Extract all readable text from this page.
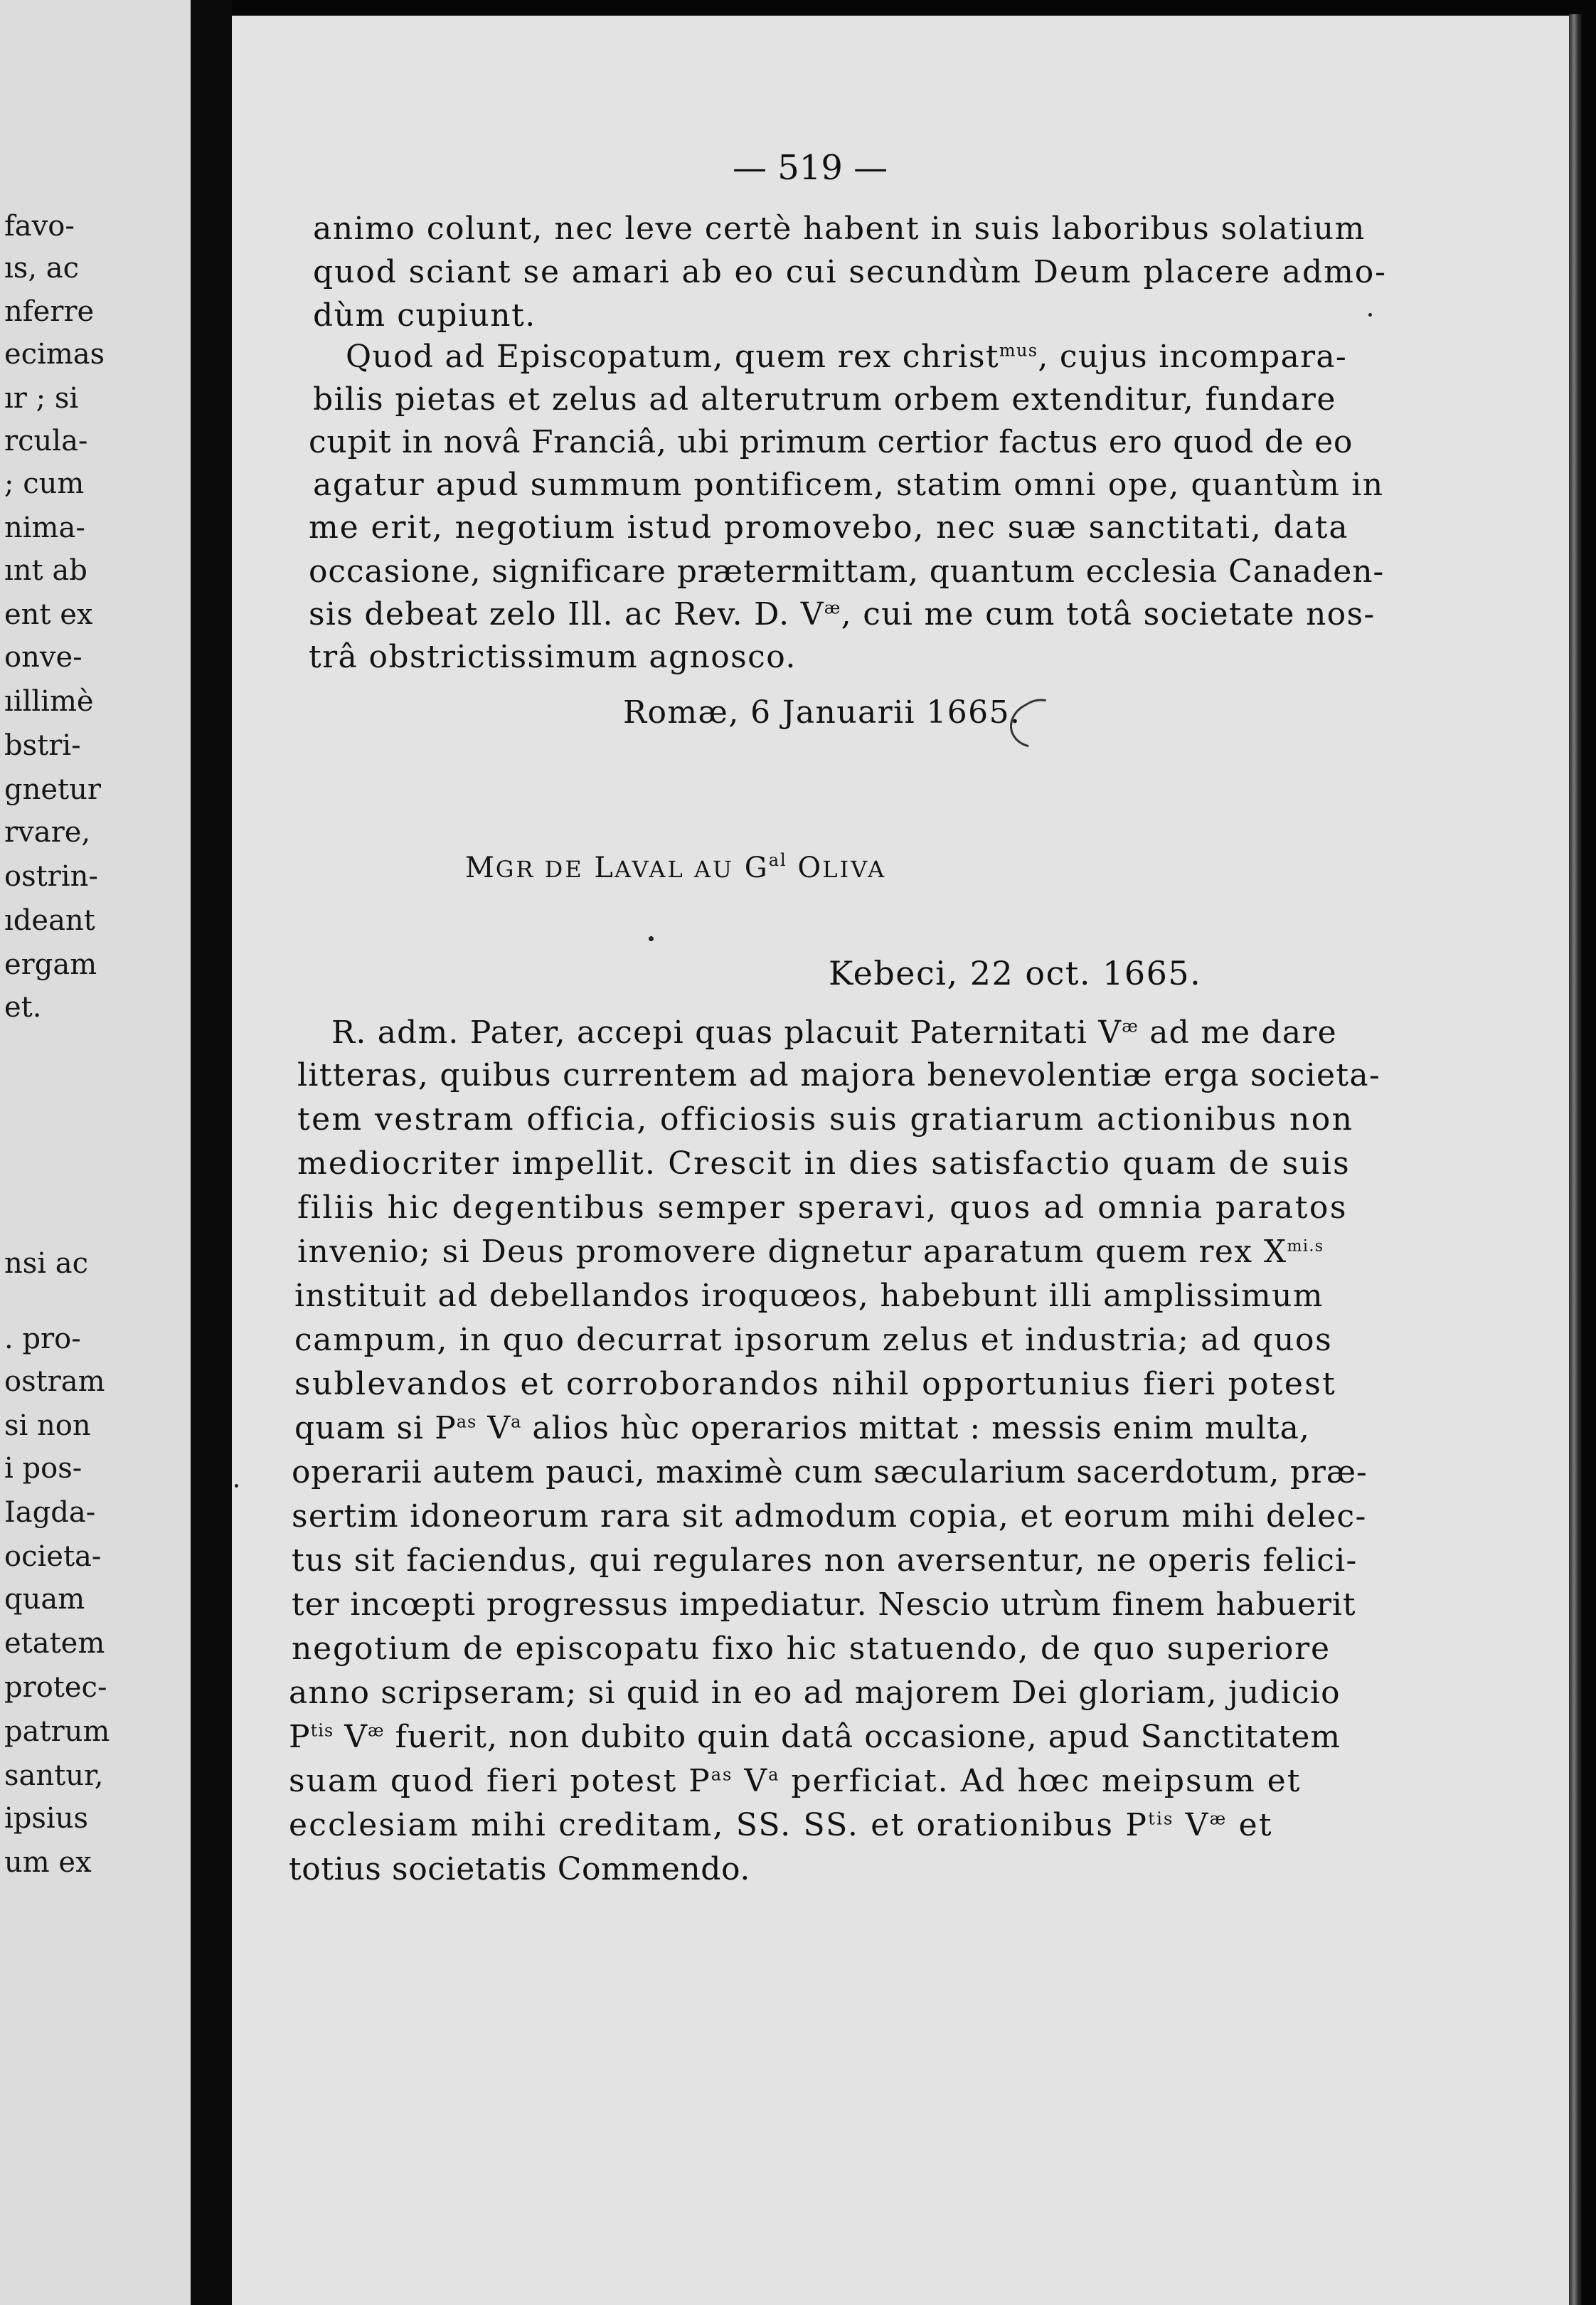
favo-
ıs, ac
nferre
ecimas
ır ; si
rcula-
; cum
nima-
ınt ab
ent ex
onve-
ıillimè
bstri-
gnetur
rvare,
ostrin-
ıdeant
ergam
et.
nsi ac
. pro-
ostram
si non
i pos-
Iagda-
ocieta-
quam
etatem
protec-
patrum
santur,
ipsius
um ex
— 519 —
animo colunt, nec leve certè habent in suis laboribus solatium
quod sciant se amari ab eo cui secundùm Deum placere admo-
dùm cupiunt.
Quod ad Episcopatum, quem rex christ$^{mus}$, cujus incompara-
bilis pietas et zelus ad alterutrum orbem extenditur, fundare
cupit in novâ Franciâ, ubi primum certior factus ero quod de eo
agatur apud summum pontificem, statim omni ope, quantùm in
me erit, negotium istud promovebo, nec suæ sanctitati, data
occasione, significare prætermittam, quantum ecclesia Canaden-
sis debeat zelo Ill. ac Rev. D. $V^æ$, cui me cum totâ societate nos-
trâ obstrictissimum agnosco.
Romæ, 6 Januarii 1665.
MGR DE LAVAL AU $G^{al}$ OLIVA
Kebeci, 22 oct. 1665.
R. adm. Pater, accepi quas placuit Paternitati $V^æ$ ad me dare
litteras, quibus currentem ad majora benevolentiæ erga societa-
tem vestram officia, officiosis suis gratiarum actionibus non
mediocriter impellit. Crescit in dies satisfactio quam de suis
filiis hic degentibus semper speravi, quos ad omnia paratos
invenio; si Deus promovere dignetur aparatum quem rex $X^{mi.s}$
instituit ad debellandos iroquœos, habebunt illi amplissimum
campum, in quo decurrat ipsorum zelus et industria; ad quos
sublevandos et corroborandos nihil opportunius fieri potest
quam si $P^{as}$ $V^a$ alios hùc operarios mittat : messis enim multa,
operarii autem pauci, maximè cum sæcularium sacerdotum, præ-
sertim idoneorum rara sit admodum copia, et eorum mihi delec-
tus sit faciendus, qui regulares non aversentur, ne operis felici-
ter incœpti progressus impediatur. Nescio utrùm finem habuerit
negotium de episcopatu fixo hic statuendo, de quo superiore
anno scripseram; si quid in eo ad majorem Dei gloriam, judicio
$P^{tis}$ $V^æ$ fuerit, non dubito quin datâ occasione, apud Sanctitatem
suam quod fieri potest $P^{as}$ $V^a$ perficiat. Ad hœc meipsum et
ecclesiam mihi creditam, SS. SS. et orationibus $P^{tis}$ $V^æ$ et
totius societatis Commendo.
